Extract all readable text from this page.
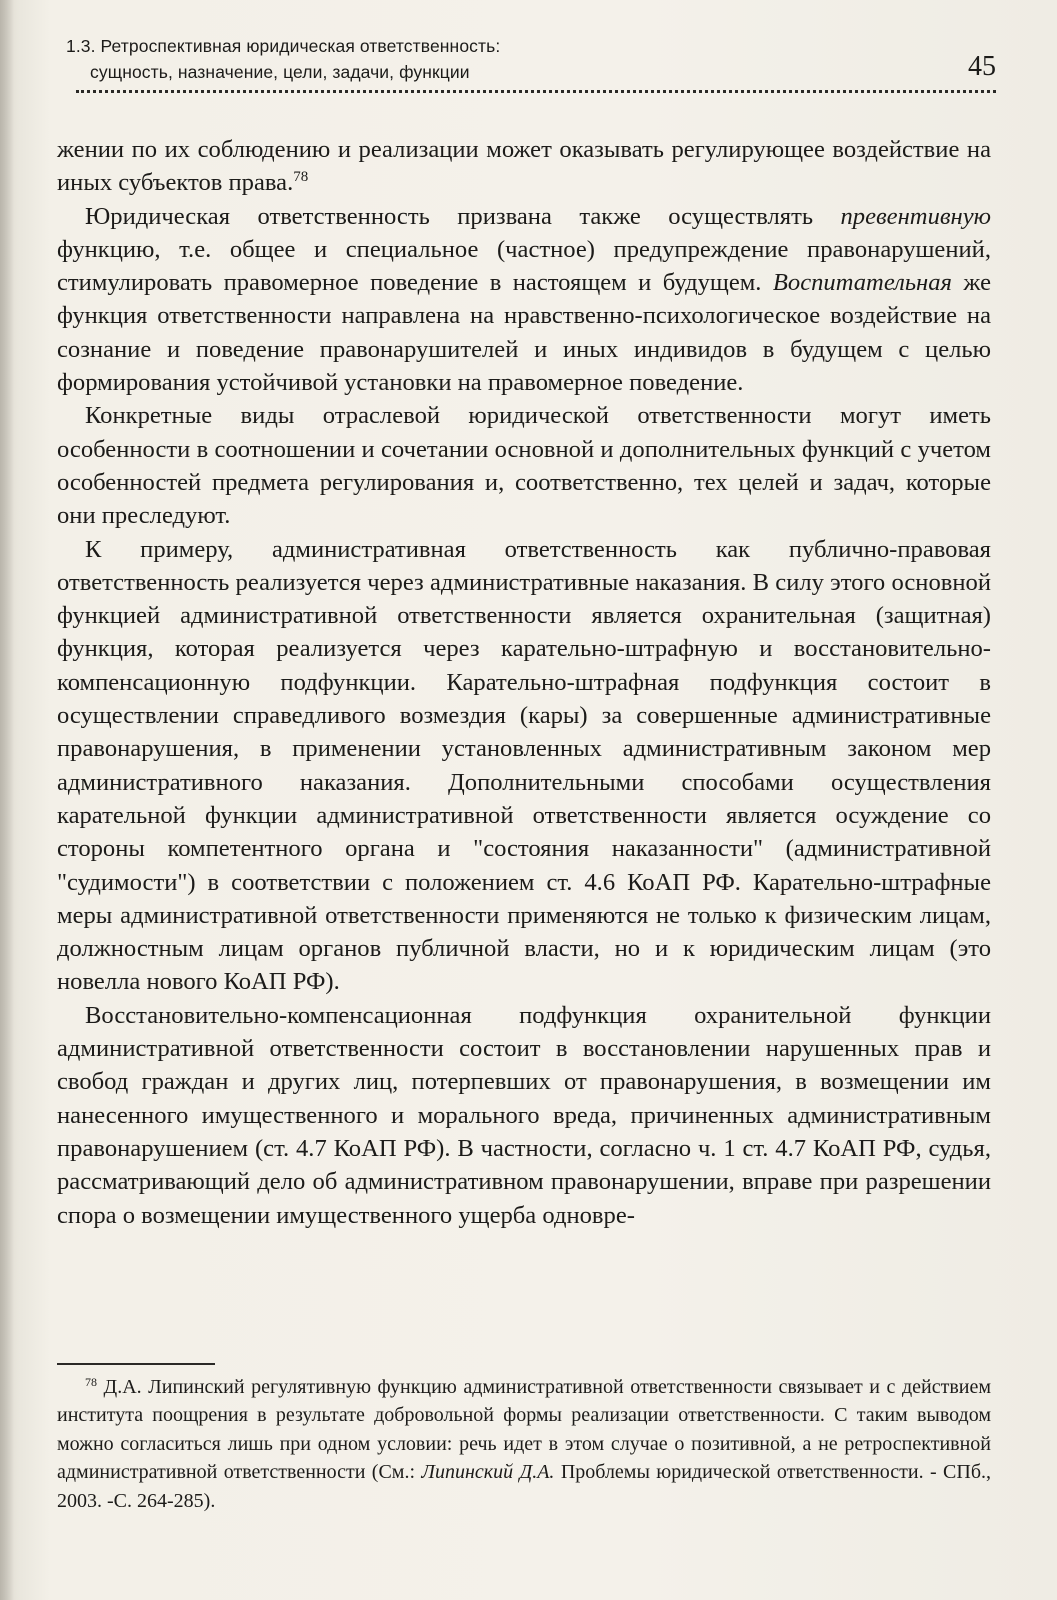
1.3. Ретроспективная юридическая ответственность:
сущность, назначение, цели, задачи, функции	45

жении по их соблюдению и реализации может оказывать регулирующее воздействие на иных субъектов права.$^{78}$

Юридическая ответственность призвана также осуществлять превентивную функцию, т.е. общее и специальное (частное) предупреждение правонарушений, стимулировать правомерное поведение в настоящем и будущем. Воспитательная же функция ответственности направлена на нравственно-психологическое воздействие на сознание и поведение правонарушителей и иных индивидов в будущем с целью формирования устойчивой установки на правомерное поведение.

Конкретные виды отраслевой юридической ответственности могут иметь особенности в соотношении и сочетании основной и дополнительных функций с учетом особенностей предмета регулирования и, соответственно, тех целей и задач, которые они преследуют.

К примеру, административная ответственность как публично-правовая ответственность реализуется через административные наказания. В силу этого основной функцией административной ответственности является охранительная (защитная) функция, которая реализуется через карательно-штрафную и восстановительно-компенсационную подфункции. Карательно-штрафная подфункция состоит в осуществлении справедливого возмездия (кары) за совершенные административные правонарушения, в применении установленных административным законом мер административного наказания. Дополнительными способами осуществления карательной функции административной ответственности является осуждение со стороны компетентного органа и "состояния наказанности" (административной "судимости") в соответствии с положением ст. 4.6 КоАП РФ. Карательно-штрафные меры административной ответственности применяются не только к физическим лицам, должностным лицам органов публичной власти, но и к юридическим лицам (это новелла нового КоАП РФ).

Восстановительно-компенсационная подфункция охранительной функции административной ответственности состоит в восстановлении нарушенных прав и свобод граждан и других лиц, потерпевших от правонарушения, в возмещении им нанесенного имущественного и морального вреда, причиненных административным правонарушением (ст. 4.7 КоАП РФ). В частности, согласно ч. 1 ст. 4.7 КоАП РФ, судья, рассматривающий дело об административном правонарушении, вправе при разрешении спора о возмещении имущественного ущерба одновре-

$^{78}$ Д.А. Липинский регулятивную функцию административной ответственности связывает и с действием института поощрения в результате добровольной формы реализации ответственности. С таким выводом можно согласиться лишь при одном условии: речь идет в этом случае о позитивной, а не ретроспективной административной ответственности (См.: Липинский Д.А. Проблемы юридической ответственности. - СПб., 2003. -С. 264-285).
